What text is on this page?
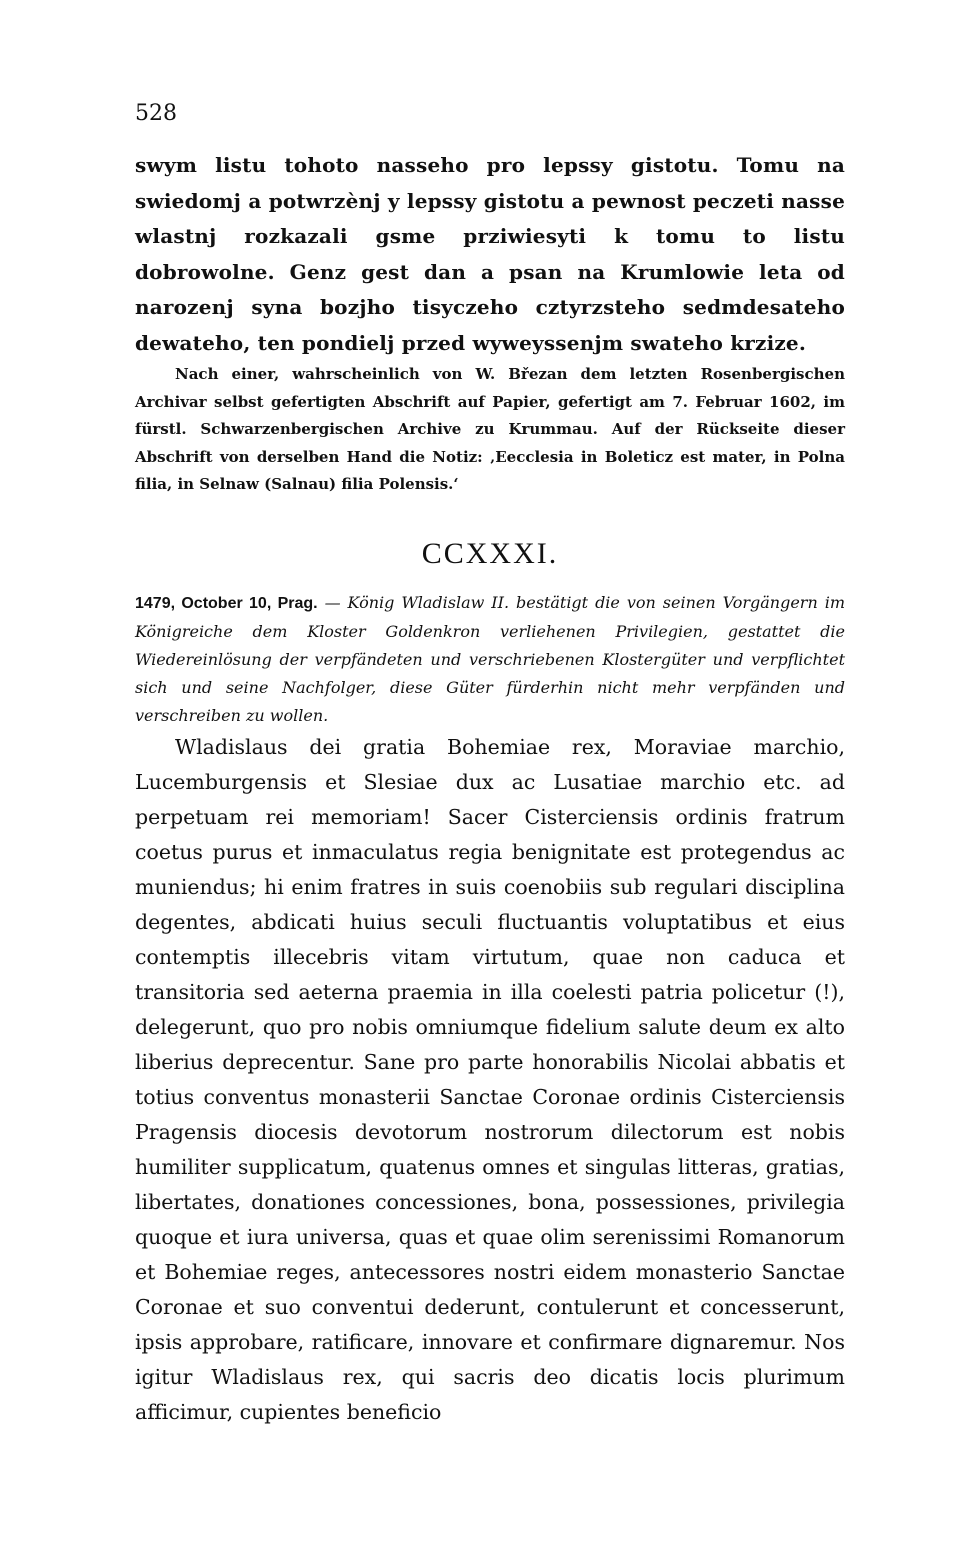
528

swym listu tohoto nasseho pro lepssy gistotu. Tomu na swiedomj a potwrzènj y lepssy gistotu a pewnost peczeti nasse wlastnj rozkazali gsme prziwiesyti k tomu to listu dobrowolne. Genz gest dan a psan na Krumlowie leta od narozenj syna bozjho tisyczeho cztyrzsteho sedmdesateho dewateho, ten pondielj przed wyweyssenjm swateho krzize.

Nach einer, wahrscheinlich von W. Březan dem letzten Rosenbergischen Archivar selbst gefertigten Abschrift auf Papier, gefertigt am 7. Februar 1602, im fürstl. Schwarzenbergischen Archive zu Krummau. Auf der Rückseite dieser Abschrift von derselben Hand die Notiz: ‚Eecclesia in Boleticz est mater, in Polna filia, in Selnaw (Salnau) filia Polensis.‘

CCXXXI.

1479, October 10, Prag. — König Wladislaw II. bestätigt die von seinen Vorgängern im Königreiche dem Kloster Goldenkron verliehenen Privilegien, gestattet die Wiedereinlösung der verpfändeten und verschriebenen Klostergüter und verpflichtet sich und seine Nachfolger, diese Güter fürderhin nicht mehr verpfänden und verschreiben zu wollen.

Wladislaus dei gratia Bohemiae rex, Moraviae marchio, Lucemburgensis et Slesiae dux ac Lusatiae marchio etc. ad perpetuam rei memoriam! Sacer Cisterciensis ordinis fratrum coetus purus et inmaculatus regia benignitate est protegendus ac muniendus; hi enim fratres in suis coenobiis sub regulari disciplina degentes, abdicati huius seculi fluctuantis voluptatibus et eius contemptis illecebris vitam virtutum, quae non caduca et transitoria sed aeterna praemia in illa coelesti patria policetur (!), delegerunt, quo pro nobis omniumque fidelium salute deum ex alto liberius deprecentur. Sane pro parte honorabilis Nicolai abbatis et totius conventus monasterii Sanctae Coronae ordinis Cisterciensis Pragensis diocesis devotorum nostrorum dilectorum est nobis humiliter supplicatum, quatenus omnes et singulas litteras, gratias, libertates, donationes concessiones, bona, possessiones, privilegia quoque et iura universa, quas et quae olim serenissimi Romanorum et Bohemiae reges, antecessores nostri eidem monasterio Sanctae Coronae et suo conventui dederunt, contulerunt et concesserunt, ipsis approbare, ratificare, innovare et confirmare dignaremur. Nos igitur Wladislaus rex, qui sacris deo dicatis locis plurimum afficimur, cupientes beneficio
